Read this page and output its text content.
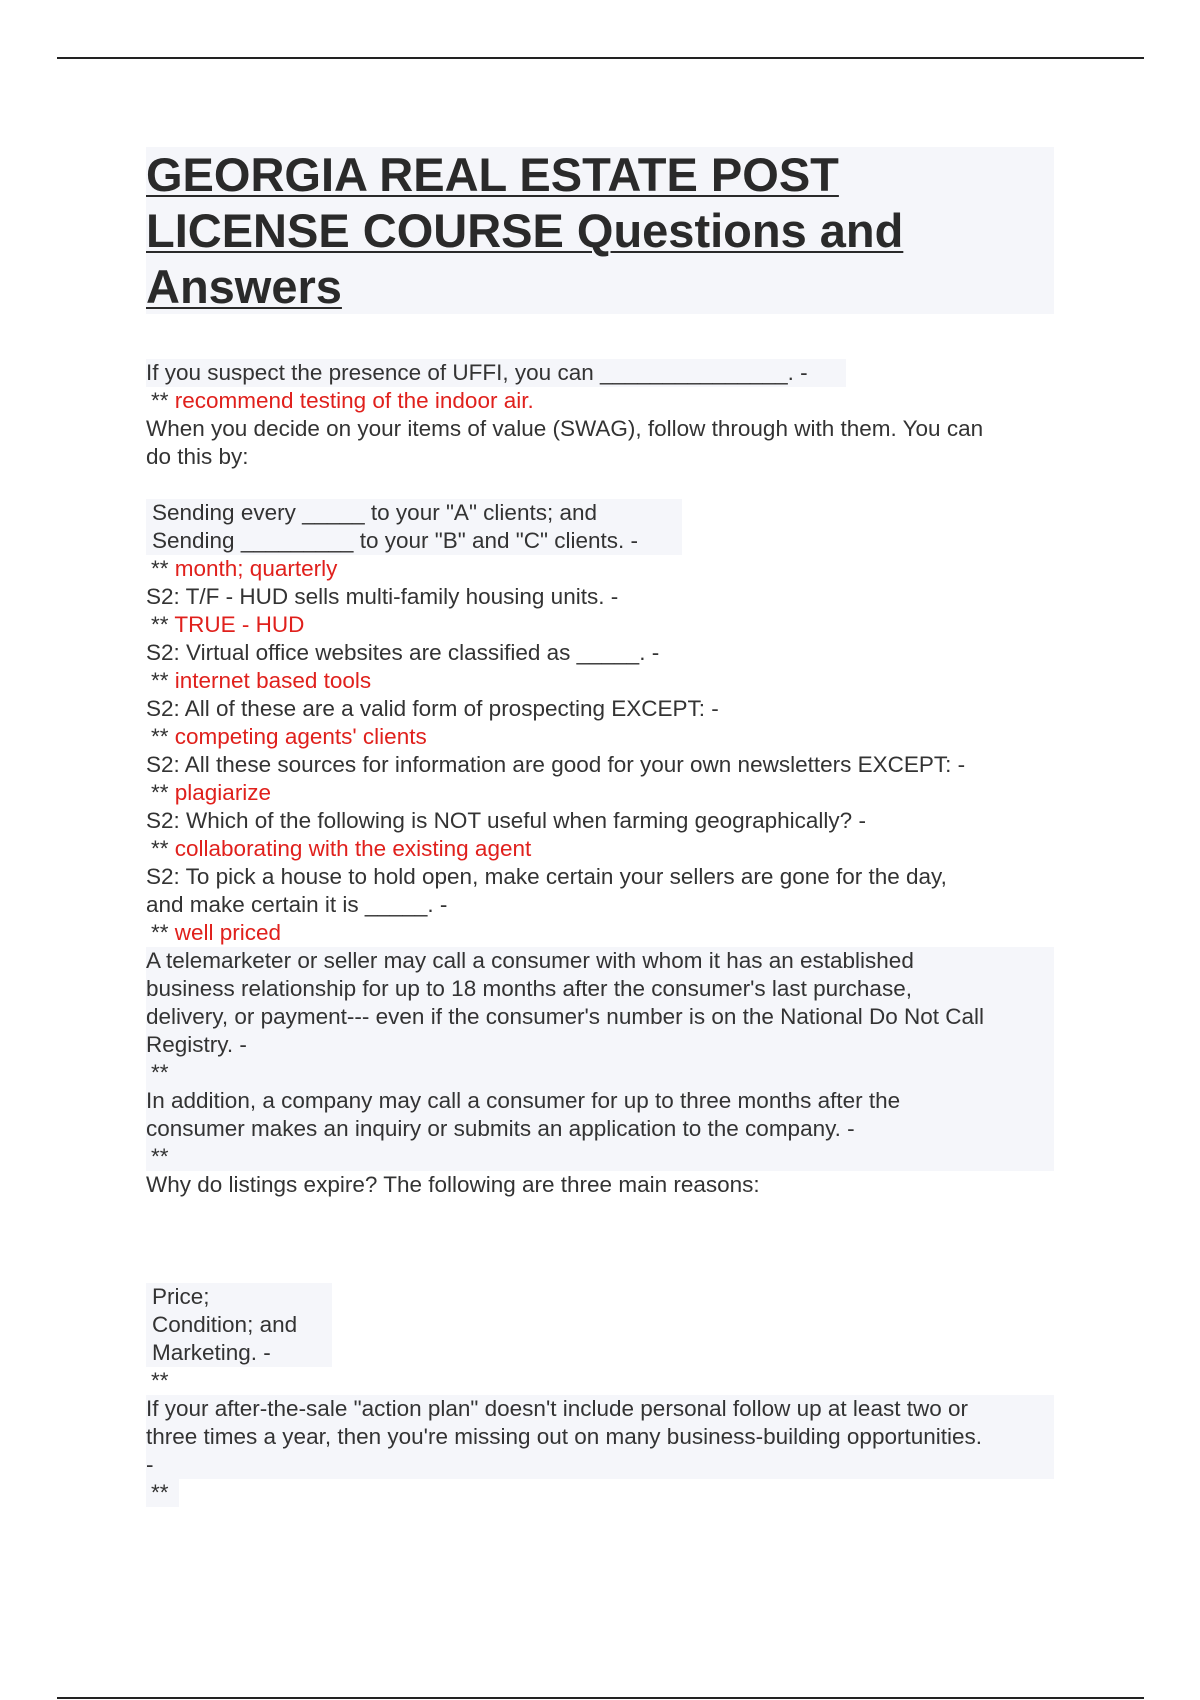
GEORGIA REAL ESTATE POST
LICENSE COURSE Questions and
Answers
If you suspect the presence of UFFI, you can _______________. -
** recommend testing of the indoor air.
When you decide on your items of value (SWAG), follow through with them. You can
do this by:
Sending every _____ to your "A" clients; and
Sending _________ to your "B" and "C" clients. -
** month; quarterly
S2: T/F - HUD sells multi-family housing units. -
** TRUE - HUD
S2: Virtual office websites are classified as _____. -
** internet based tools
S2: All of these are a valid form of prospecting EXCEPT: -
** competing agents' clients
S2: All these sources for information are good for your own newsletters EXCEPT: -
** plagiarize
S2: Which of the following is NOT useful when farming geographically? -
** collaborating with the existing agent
S2: To pick a house to hold open, make certain your sellers are gone for the day,
and make certain it is _____. -
** well priced
A telemarketer or seller may call a consumer with whom it has an established
business relationship for up to 18 months after the consumer's last purchase,
delivery, or payment--- even if the consumer's number is on the National Do Not Call
Registry. -
**
In addition, a company may call a consumer for up to three months after the
consumer makes an inquiry or submits an application to the company. -
**
Why do listings expire? The following are three main reasons:
Price;
Condition; and
Marketing. -
**
If your after-the-sale "action plan" doesn't include personal follow up at least two or
three times a year, then you're missing out on many business-building opportunities.
-
**
